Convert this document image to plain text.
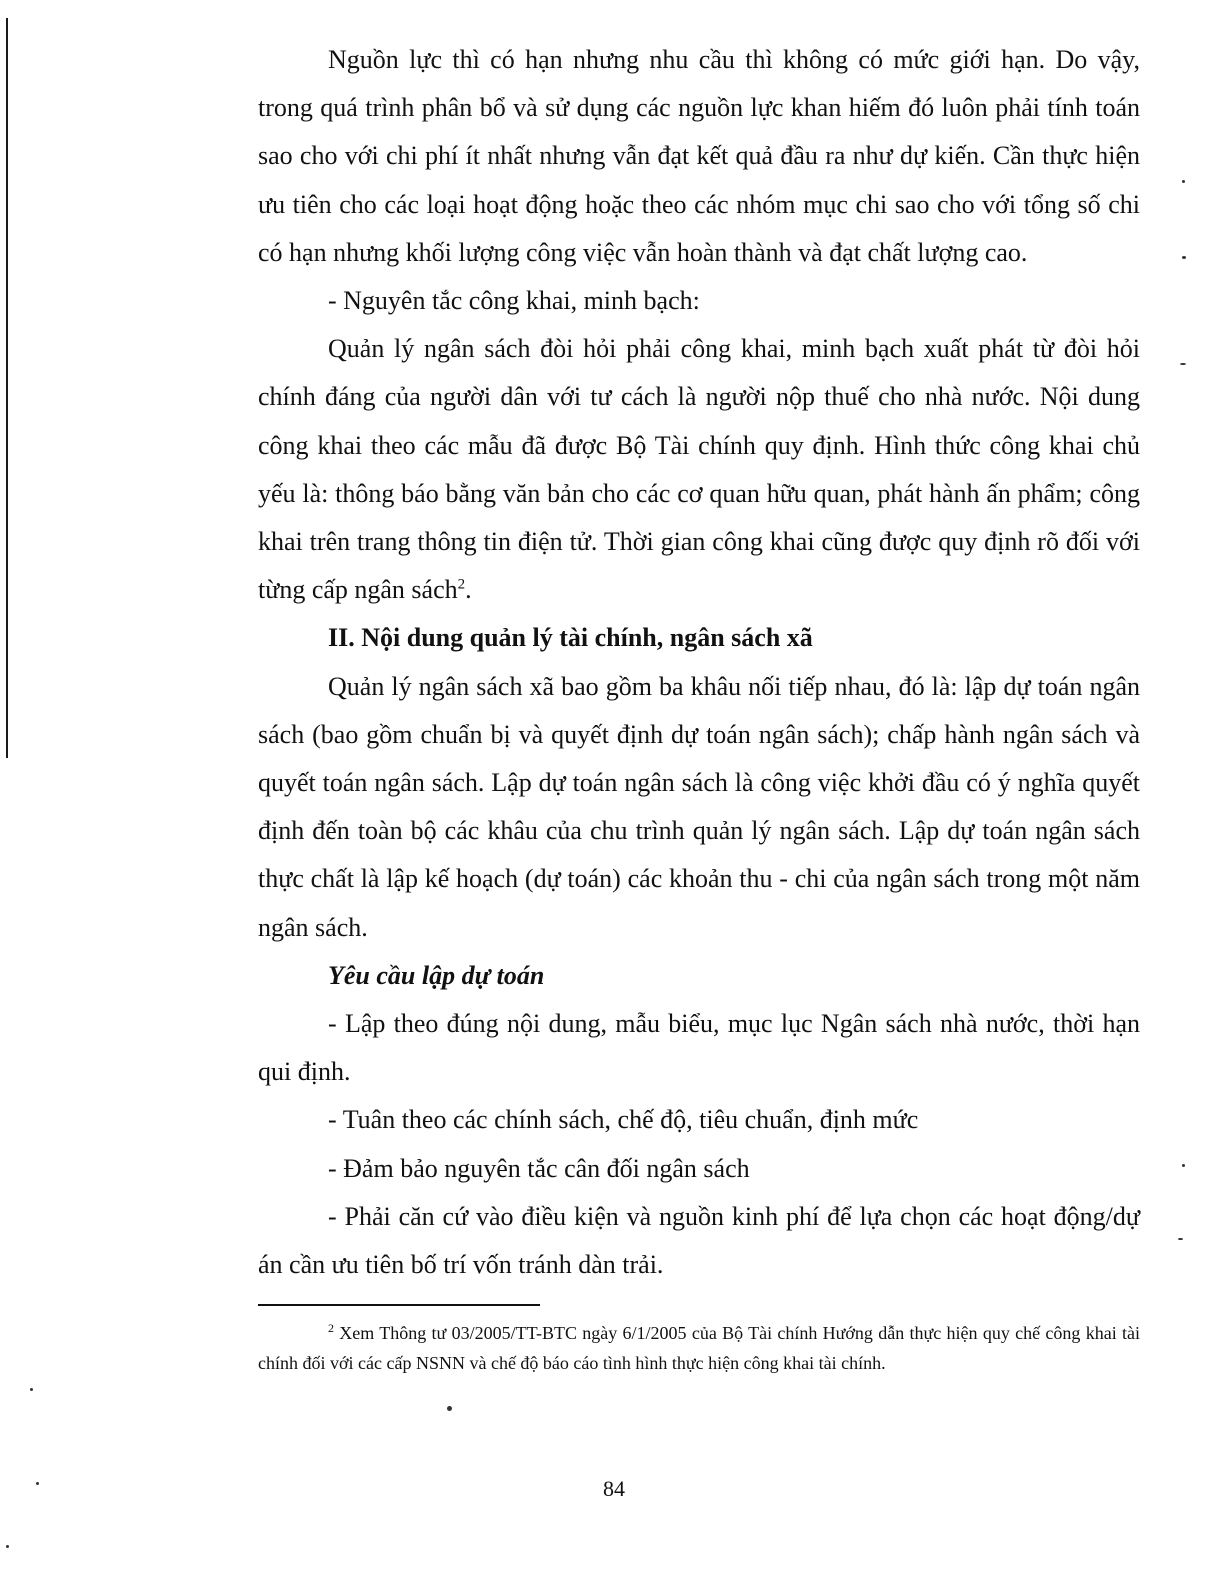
Nguồn lực thì có hạn nhưng nhu cầu thì không có mức giới hạn. Do vậy, trong quá trình phân bổ và sử dụng các nguồn lực khan hiếm đó luôn phải tính toán sao cho với chi phí ít nhất nhưng vẫn đạt kết quả đầu ra như dự kiến. Cần thực hiện ưu tiên cho các loại hoạt động hoặc theo các nhóm mục chi sao cho với tổng số chi có hạn nhưng khối lượng công việc vẫn hoàn thành và đạt chất lượng cao.

- Nguyên tắc công khai, minh bạch:

Quản lý ngân sách đòi hỏi phải công khai, minh bạch xuất phát từ đòi hỏi chính đáng của người dân với tư cách là người nộp thuế cho nhà nước. Nội dung công khai theo các mẫu đã được Bộ Tài chính quy định. Hình thức công khai chủ yếu là: thông báo bằng văn bản cho các cơ quan hữu quan, phát hành ấn phẩm; công khai trên trang thông tin điện tử. Thời gian công khai cũng được quy định rõ đối với từng cấp ngân sách$^2$.

II. Nội dung quản lý tài chính, ngân sách xã

Quản lý ngân sách xã bao gồm ba khâu nối tiếp nhau, đó là: lập dự toán ngân sách (bao gồm chuẩn bị và quyết định dự toán ngân sách); chấp hành ngân sách và quyết toán ngân sách. Lập dự toán ngân sách là công việc khởi đầu có ý nghĩa quyết định đến toàn bộ các khâu của chu trình quản lý ngân sách. Lập dự toán ngân sách thực chất là lập kế hoạch (dự toán) các khoản thu - chi của ngân sách trong một năm ngân sách.

Yêu cầu lập dự toán

- Lập theo đúng nội dung, mẫu biểu, mục lục Ngân sách nhà nước, thời hạn qui định.

- Tuân theo các chính sách, chế độ, tiêu chuẩn, định mức

- Đảm bảo nguyên tắc cân đối ngân sách

- Phải căn cứ vào điều kiện và nguồn kinh phí để lựa chọn các hoạt động/dự án cần ưu tiên bố trí vốn tránh dàn trải.

$^2$ Xem Thông tư 03/2005/TT-BTC ngày 6/1/2005 của Bộ Tài chính Hướng dẫn thực hiện quy chế công khai tài chính đối với các cấp NSNN và chế độ báo cáo tình hình thực hiện công khai tài chính.

84
